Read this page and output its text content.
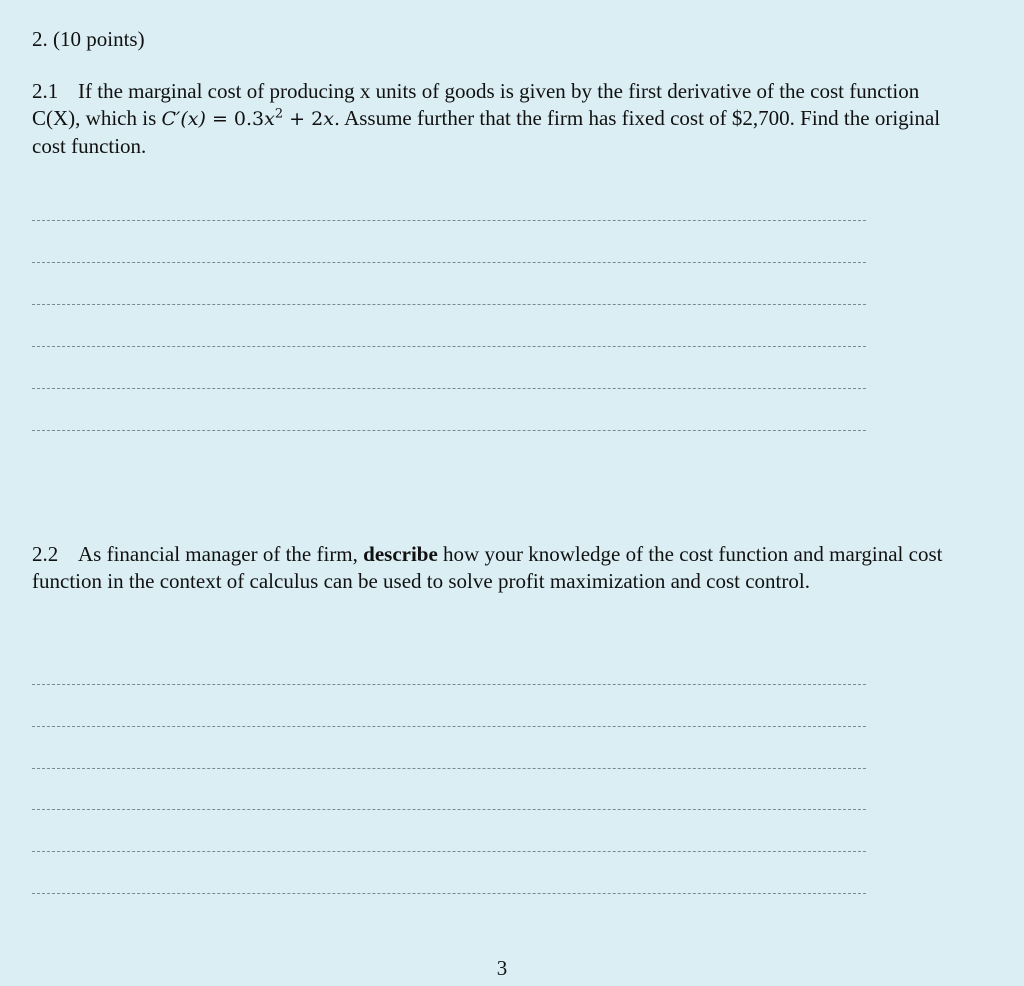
2. (10 points)
2.1 If the marginal cost of producing x units of goods is given by the first derivative of the cost function C(X), which is $C'(x) = 0.3x^2 + 2x$. Assume further that the firm has fixed cost of $2,700. Find the original cost function.
2.2 As financial manager of the firm, describe how your knowledge of the cost function and marginal cost function in the context of calculus can be used to solve profit maximization and cost control.
3
